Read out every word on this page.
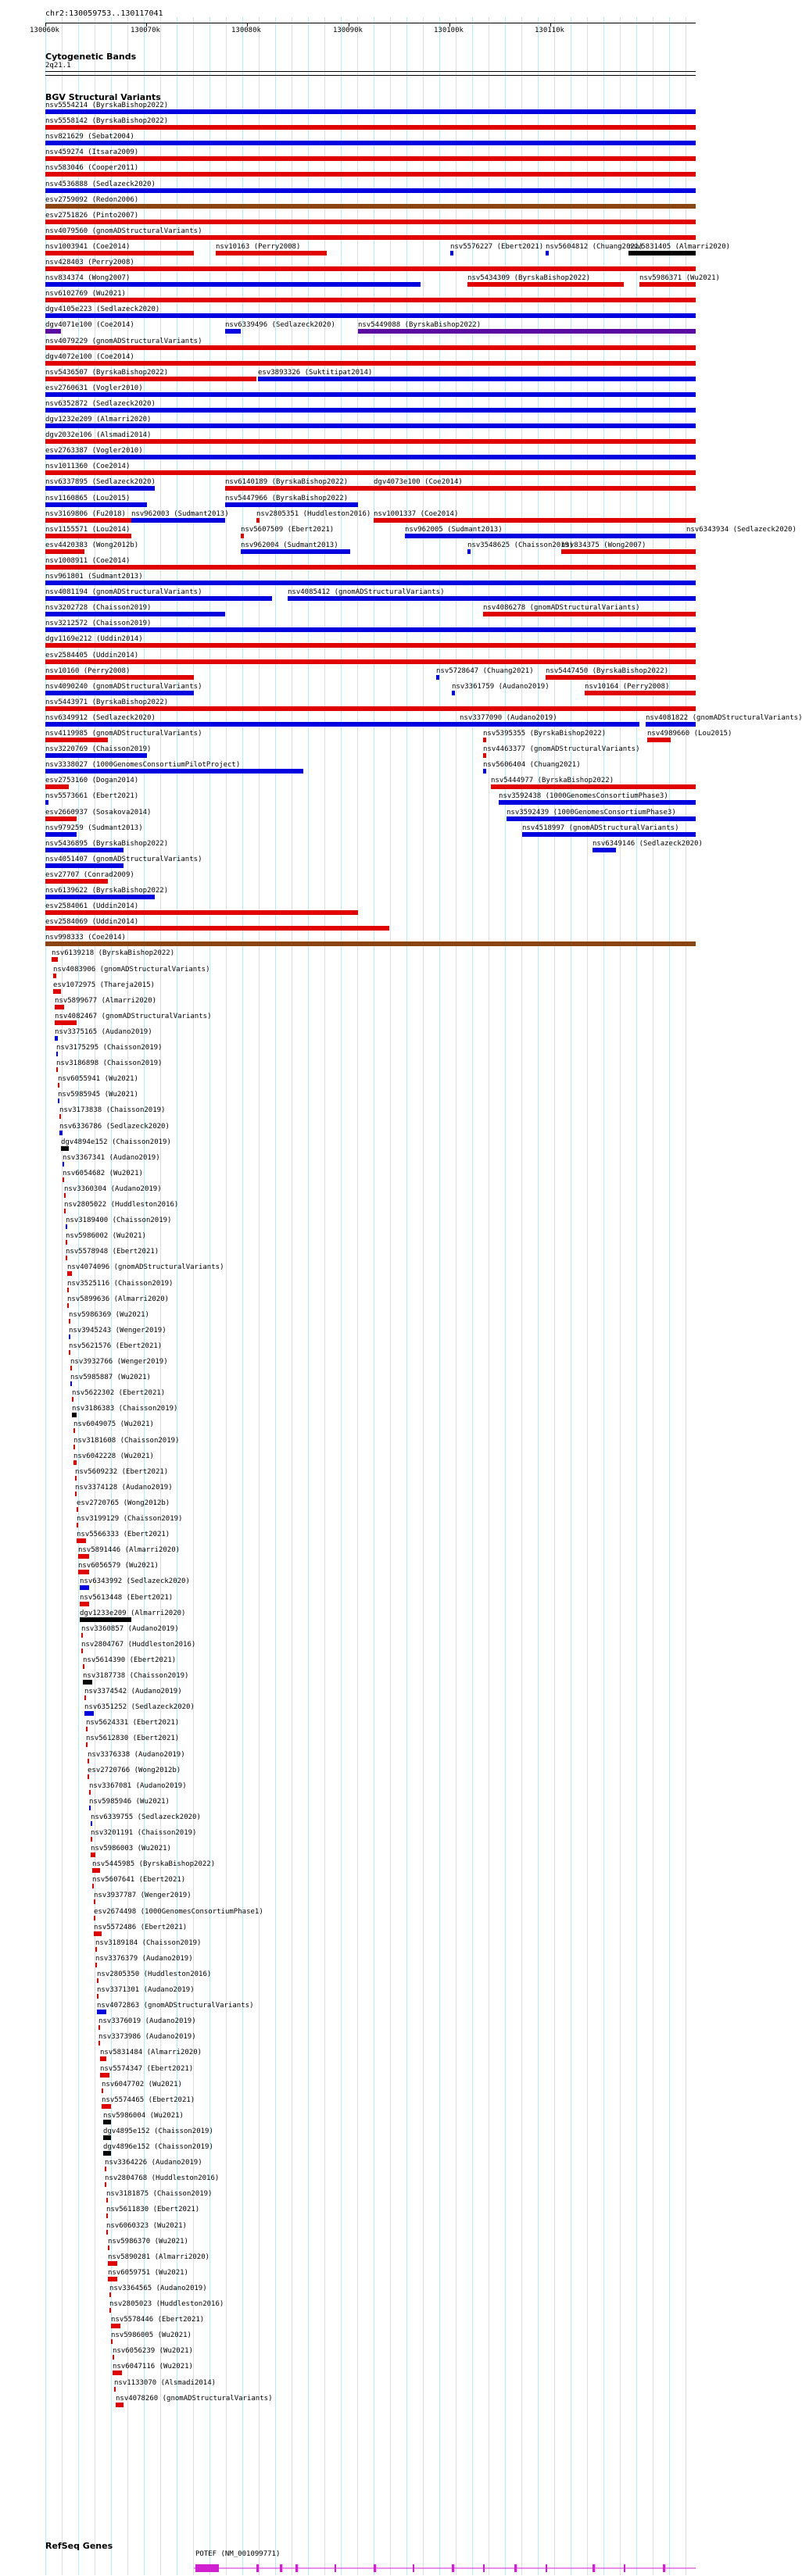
chr2:130059753..130117041
130060k	130070k	130080k	130090k	130100k	130110k
Cytogenetic Bands
2q21.1
BGV Structural Variants
nsv5554214 (ByrskaBishop2022)
nsv5558142 (ByrskaBishop2022)
nsv821629 (Sebat2004)
nsv459274 (Itsara2009)
nsv583046 (Cooper2011)
nsv4536888 (Sedlazeck2020)
esv2759092 (Redon2006)
esv2751826 (Pinto2007)
nsv4079560 (gnomADStructuralVariants)
nsv1003941 (Coe2014)	nsv10163 (Perry2008)	nsv5576227 (Ebert2021) nsv5604812 (Chuang2021)
nsv5831405 (Almarri2020)
nsv428403 (Perry2008)
nsv834374 (Wong2007)	nsv5434309 (ByrskaBishop2022)	nsv5986371 (Wu2021)
nsv6102769 (Wu2021)
dgv4105e223 (Sedlazeck2020)
dgv4071e100 (Coe2014)	nsv6339496 (Sedlazeck2020)	nsv5449088 (ByrskaBishop2022)
nsv4079229 (gnomADStructuralVariants)
dgv4072e100 (Coe2014)
nsv5436507 (ByrskaBishop2022)	esv3893326 (Suktitipat2014)
esv2760631 (Vogler2010)
nsv6352872 (Sedlazeck2020)
dgv1232e209 (Almarri2020)
dgv2032e106 (Alsmadi2014)
esv2763387 (Vogler2010)
nsv1011360 (Coe2014)
nsv6337895 (Sedlazeck2020)	nsv6140189 (ByrskaBishop2022)	dgv4073e100 (Coe2014)
nsv1160865 (Lou2015)	nsv5447966 (ByrskaBishop2022)
nsv3169806 (Fu2018) nsv962003 (Sudmant2013)	nsv2805351 (Huddleston2016) nsv1001337 (Coe2014)
nsv1155571 (Lou2014)	nsv5607509 (Ebert2021)	nsv962005 (Sudmant2013)	nsv6343934 (Sedlazeck2020)
esv4420383 (Wong2012b)	nsv962004 (Sudmant2013)	nsv3548625 (Chaisson2019)
nsv834375 (Wong2007)
nsv1008911 (Coe2014)
nsv961801 (Sudmant2013)
nsv4081194 (gnomADStructuralVariants)	nsv4085412 (gnomADStructuralVariants)
nsv3202728 (Chaisson2019)	nsv4086278 (gnomADStructuralVariants)
nsv3212572 (Chaisson2019)
dgv1169e212 (Uddin2014)
esv2584405 (Uddin2014)
nsv10160 (Perry2008)	nsv5728647 (Chuang2021) nsv5447450 (ByrskaBishop2022)
nsv4090240 (gnomADStructuralVariants)	nsv3361759 (Audano2019)	nsv10164 (Perry2008)
nsv5443971 (ByrskaBishop2022)
nsv6349912 (Sedlazeck2020)	nsv3377090 (Audano2019)	nsv4081822 (gnomADStructuralVariants)
nsv4119985 (gnomADStructuralVariants)	nsv5395355 (ByrskaBishop2022)	nsv4989660 (Lou2015)
nsv3220769 (Chaisson2019)	nsv4463377 (gnomADStructuralVariants)
nsv3338027 (1000GenomesConsortiumPilotProject)	nsv5606404 (Chuang2021)
esv2753160 (Dogan2014)	nsv5444977 (ByrskaBishop2022)
nsv5573661 (Ebert2021)	nsv3592438 (1000GenomesConsortiumPhase3)
esv2660937 (Sosakova2014)	nsv3592439 (1000GenomesConsortiumPhase3)
nsv979259 (Sudmant2013)	nsv4518997 (gnomADStructuralVariants)
nsv5436895 (ByrskaBishop2022)	nsv6349146 (Sedlazeck2020)
nsv4051407 (gnomADStructuralVariants)
esv27707 (Conrad2009)
nsv6139622 (ByrskaBishop2022)
esv2584061 (Uddin2014)
esv2584069 (Uddin2014)
nsv998333 (Coe2014)
nsv6139218 (ByrskaBishop2022)
nsv4083906 (gnomADStructuralVariants)
esv1072975 (Thareja2015)
nsv5899677 (Almarri2020)
nsv4082467 (gnomADStructuralVariants)
nsv3375165 (Audano2019)
nsv3175295 (Chaisson2019)
nsv3186898 (Chaisson2019)
nsv6055941 (Wu2021)
nsv5985945 (Wu2021)
nsv3173838 (Chaisson2019)
nsv6336786 (Sedlazeck2020)
dgv4894e152 (Chaisson2019)
nsv3367341 (Audano2019)
nsv6054682 (Wu2021)
nsv3360304 (Audano2019)
nsv2805022 (Huddleston2016)
nsv3189400 (Chaisson2019)
nsv5986002 (Wu2021)
nsv5578948 (Ebert2021)
nsv4074096 (gnomADStructuralVariants)
nsv3525116 (Chaisson2019)
nsv5899636 (Almarri2020)
nsv5986369 (Wu2021)
nsv3945243 (Wenger2019)
nsv5621576 (Ebert2021)
nsv3932766 (Wenger2019)
nsv5985887 (Wu2021)
nsv5622302 (Ebert2021)
nsv3186383 (Chaisson2019)
nsv6049075 (Wu2021)
nsv3181608 (Chaisson2019)
nsv6042228 (Wu2021)
nsv5609232 (Ebert2021)
nsv3374128 (Audano2019)
esv2720765 (Wong2012b)
nsv3199129 (Chaisson2019)
nsv5566333 (Ebert2021)
nsv5891446 (Almarri2020)
nsv6056579 (Wu2021)
nsv6343992 (Sedlazeck2020)
nsv5613448 (Ebert2021)
dgv1233e209 (Almarri2020)
nsv3360857 (Audano2019)
nsv2804767 (Huddleston2016)
nsv5614390 (Ebert2021)
nsv3187738 (Chaisson2019)
nsv3374542 (Audano2019)
nsv6351252 (Sedlazeck2020)
nsv5624331 (Ebert2021)
nsv5612830 (Ebert2021)
nsv3376338 (Audano2019)
esv2720766 (Wong2012b)
nsv3367081 (Audano2019)
nsv5985946 (Wu2021)
nsv6339755 (Sedlazeck2020)
nsv3201191 (Chaisson2019)
nsv5986003 (Wu2021)
nsv5445985 (ByrskaBishop2022)
nsv5607641 (Ebert2021)
nsv3937787 (Wenger2019)
esv2674498 (1000GenomesConsortiumPhase1)
nsv5572486 (Ebert2021)
nsv3189184 (Chaisson2019)
nsv3376379 (Audano2019)
nsv2805350 (Huddleston2016)
nsv3371301 (Audano2019)
nsv4072863 (gnomADStructuralVariants)
nsv3376019 (Audano2019)
nsv3373986 (Audano2019)
nsv5831484 (Almarri2020)
nsv5574347 (Ebert2021)
nsv6047702 (Wu2021)
nsv5574465 (Ebert2021)
nsv5986004 (Wu2021)
dgv4895e152 (Chaisson2019)
dgv4896e152 (Chaisson2019)
nsv3364226 (Audano2019)
nsv2804768 (Huddleston2016)
nsv3181875 (Chaisson2019)
nsv5611830 (Ebert2021)
nsv6060323 (Wu2021)
nsv5986370 (Wu2021)
nsv5890281 (Almarri2020)
nsv6059751 (Wu2021)
nsv3364565 (Audano2019)
nsv2805023 (Huddleston2016)
nsv5578446 (Ebert2021)
nsv5986005 (Wu2021)
nsv6056239 (Wu2021)
nsv6047116 (Wu2021)
nsv1133070 (Alsmadi2014)
nsv4078260 (gnomADStructuralVariants)
RefSeq Genes
POTEF (NM_001099771)
